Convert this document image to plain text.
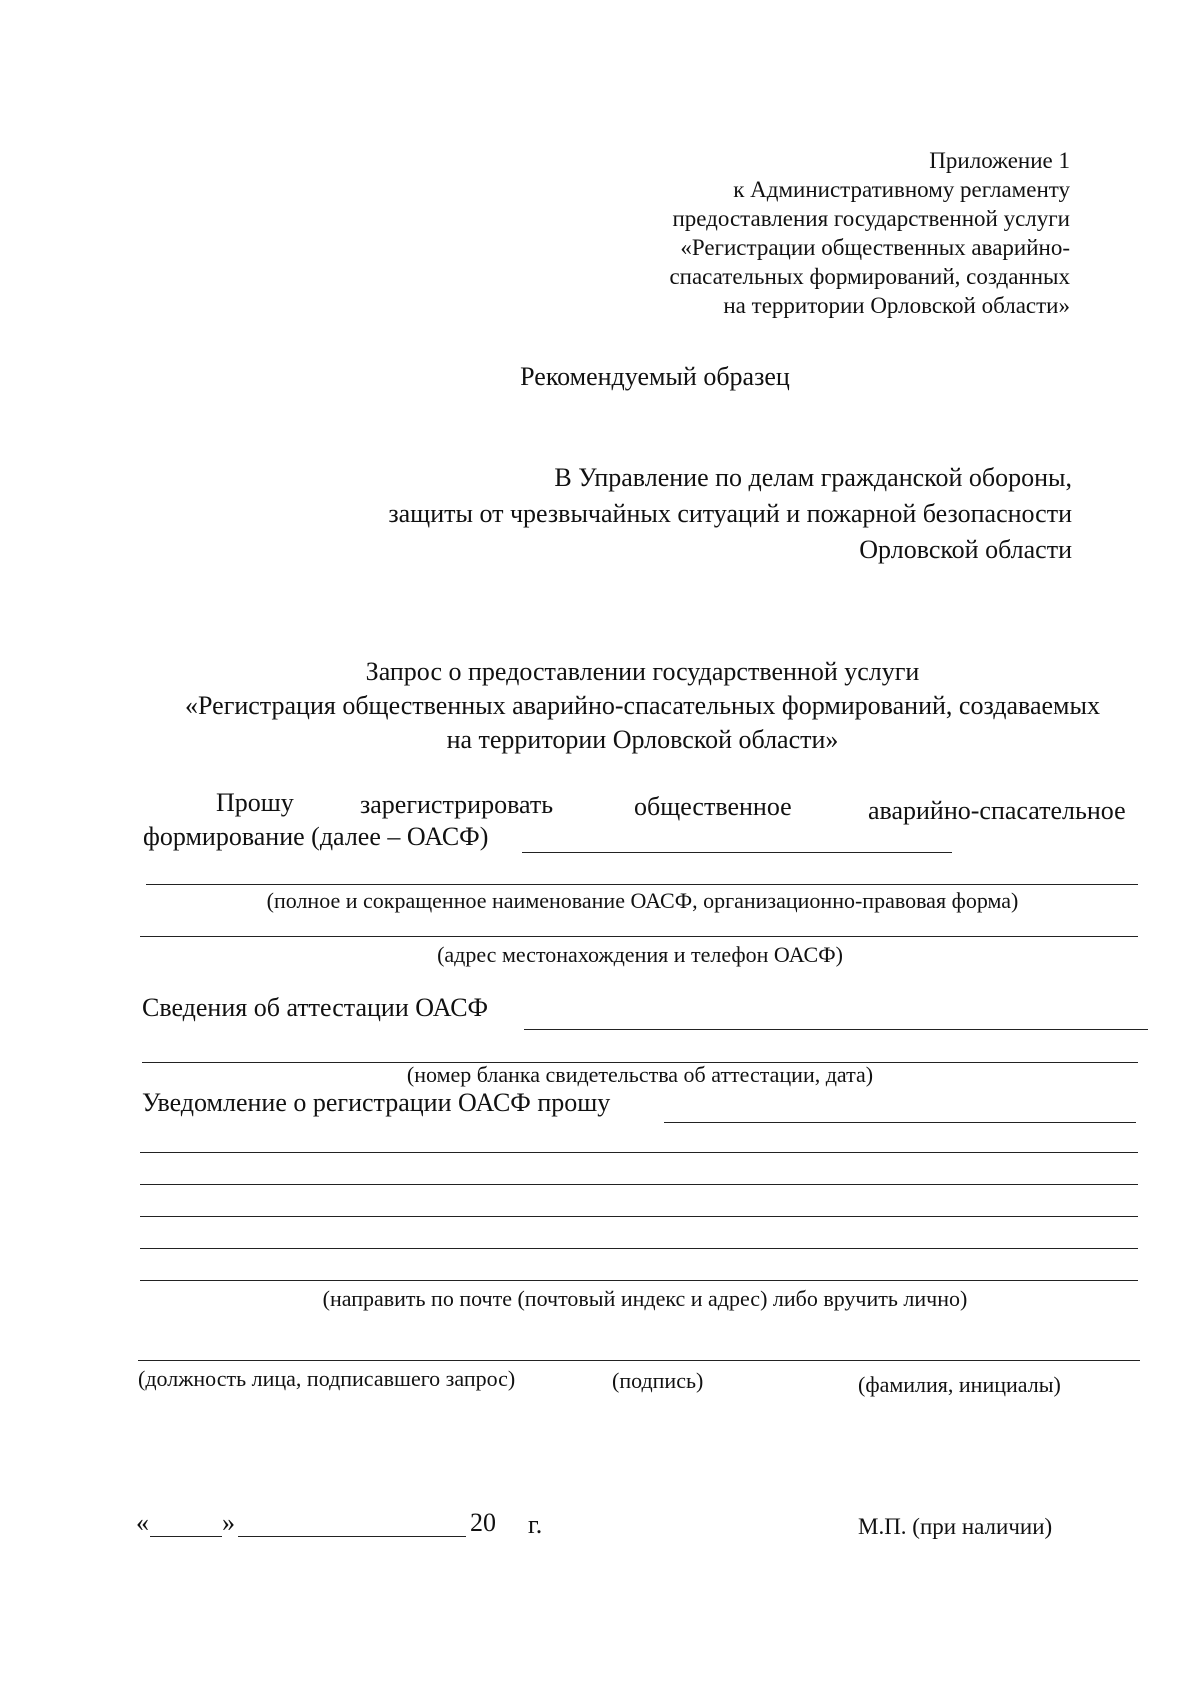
Приложение 1
к Административному регламенту
предоставления государственной услуги
«Регистрации общественных аварийно-
спасательных формирований, созданных
на территории Орловской области»
Рекомендуемый образец
В Управление по делам гражданской обороны,
защиты от чрезвычайных ситуаций и пожарной безопасности
Орловской области
Запрос о предоставлении государственной услуги
«Регистрация общественных аварийно-спасательных формирований, создаваемых
на территории Орловской области»
Прошу	зарегистрировать	общественное	аварийно-спасательное
формирование (далее – ОАСФ)
(полное и сокращенное наименование ОАСФ, организационно-правовая форма)
(адрес местонахождения и телефон ОАСФ)
Сведения об аттестации ОАСФ
(номер бланка свидетельства об аттестации, дата)
Уведомление о регистрации ОАСФ прошу
(направить по почте (почтовый индекс и адрес) либо вручить лично)
(должность лица, подписавшего запрос)	(подпись)	(фамилия, инициалы)
«	»	20 г.	М.П. (при наличии)
